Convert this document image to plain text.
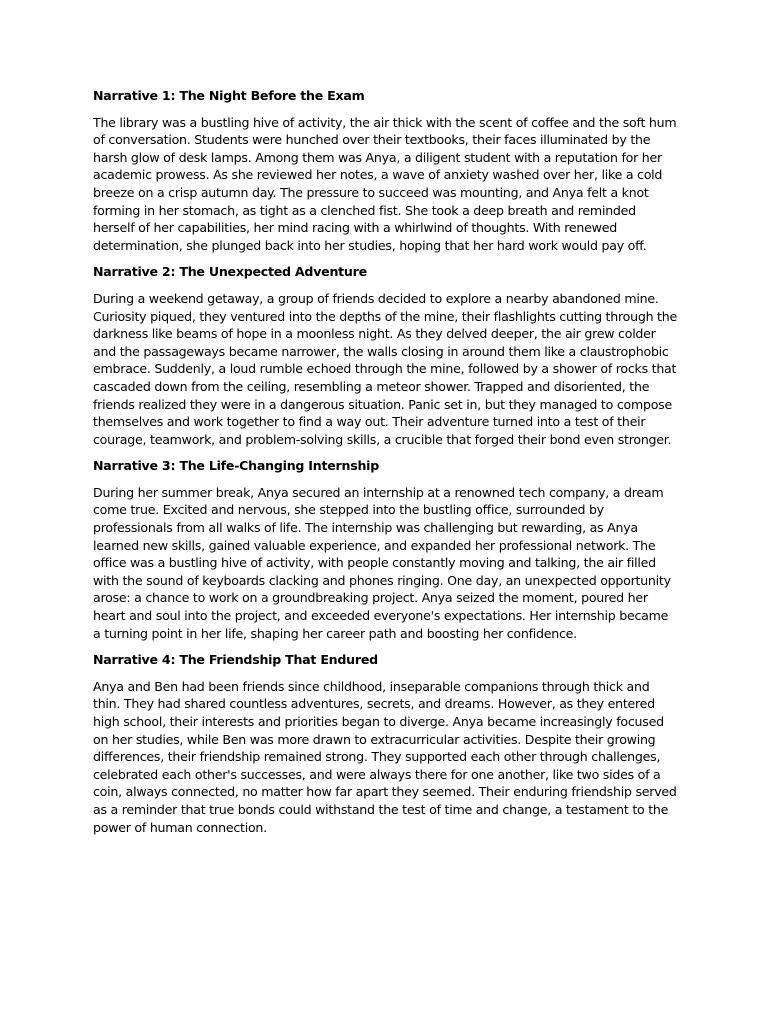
Narrative 1: The Night Before the Exam

The library was a bustling hive of activity, the air thick with the scent of coffee and the soft hum of conversation. Students were hunched over their textbooks, their faces illuminated by the harsh glow of desk lamps. Among them was Anya, a diligent student with a reputation for her academic prowess. As she reviewed her notes, a wave of anxiety washed over her, like a cold breeze on a crisp autumn day. The pressure to succeed was mounting, and Anya felt a knot forming in her stomach, as tight as a clenched fist. She took a deep breath and reminded herself of her capabilities, her mind racing with a whirlwind of thoughts. With renewed determination, she plunged back into her studies, hoping that her hard work would pay off.

Narrative 2: The Unexpected Adventure

During a weekend getaway, a group of friends decided to explore a nearby abandoned mine. Curiosity piqued, they ventured into the depths of the mine, their flashlights cutting through the darkness like beams of hope in a moonless night. As they delved deeper, the air grew colder and the passageways became narrower, the walls closing in around them like a claustrophobic embrace. Suddenly, a loud rumble echoed through the mine, followed by a shower of rocks that cascaded down from the ceiling, resembling a meteor shower. Trapped and disoriented, the friends realized they were in a dangerous situation. Panic set in, but they managed to compose themselves and work together to find a way out. Their adventure turned into a test of their courage, teamwork, and problem-solving skills, a crucible that forged their bond even stronger.

Narrative 3: The Life-Changing Internship

During her summer break, Anya secured an internship at a renowned tech company, a dream come true. Excited and nervous, she stepped into the bustling office, surrounded by professionals from all walks of life. The internship was challenging but rewarding, as Anya learned new skills, gained valuable experience, and expanded her professional network. The office was a bustling hive of activity, with people constantly moving and talking, the air filled with the sound of keyboards clacking and phones ringing. One day, an unexpected opportunity arose: a chance to work on a groundbreaking project. Anya seized the moment, poured her heart and soul into the project, and exceeded everyone's expectations. Her internship became a turning point in her life, shaping her career path and boosting her confidence.

Narrative 4: The Friendship That Endured

Anya and Ben had been friends since childhood, inseparable companions through thick and thin. They had shared countless adventures, secrets, and dreams. However, as they entered high school, their interests and priorities began to diverge. Anya became increasingly focused on her studies, while Ben was more drawn to extracurricular activities. Despite their growing differences, their friendship remained strong. They supported each other through challenges, celebrated each other's successes, and were always there for one another, like two sides of a coin, always connected, no matter how far apart they seemed. Their enduring friendship served as a reminder that true bonds could withstand the test of time and change, a testament to the power of human connection.
